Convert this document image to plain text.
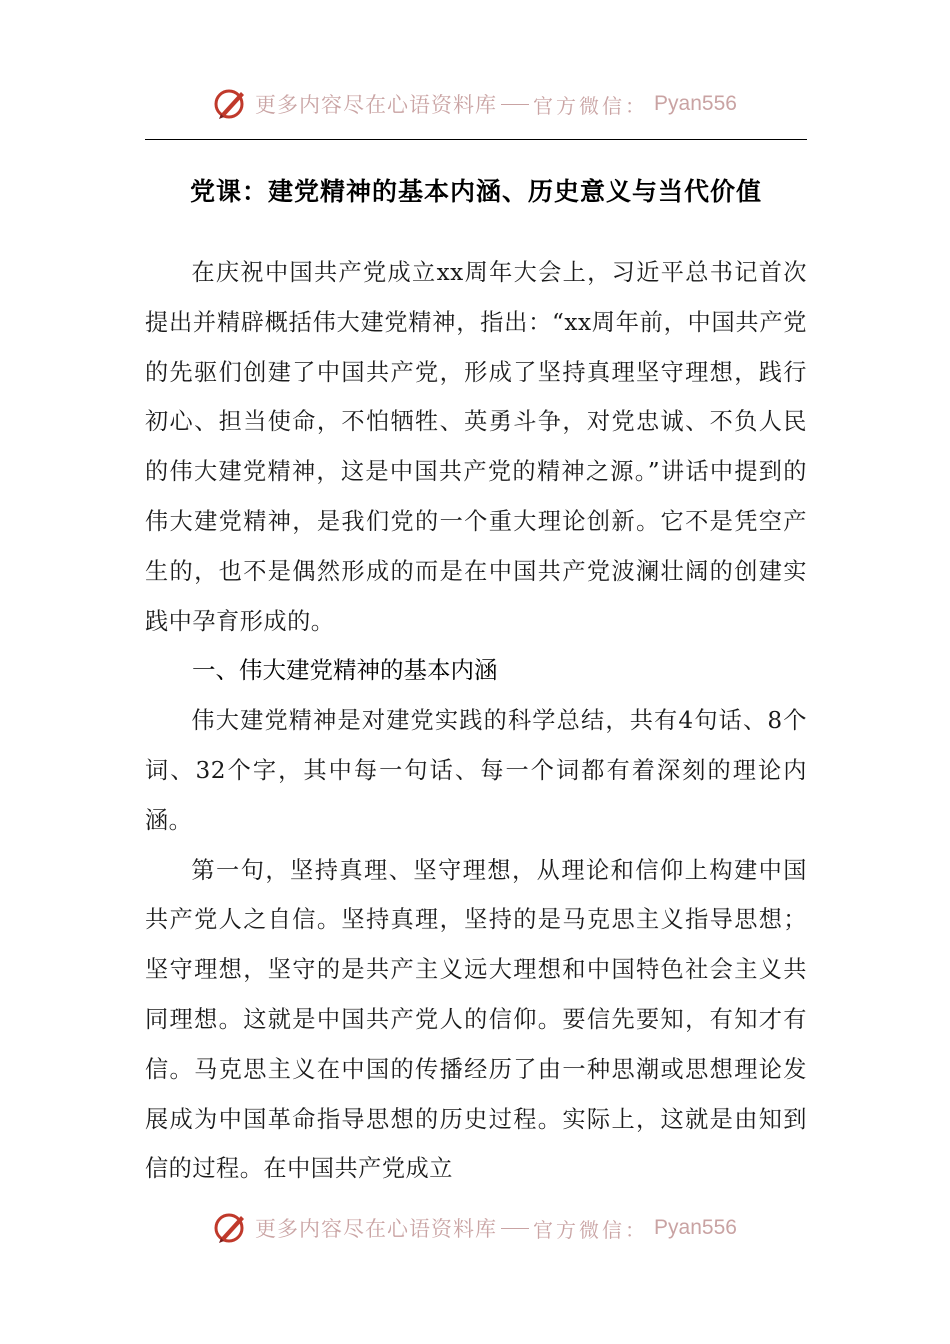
更多内容尽在心语资料库 官方微信： Pyan556
党课：建党精神的基本内涵、历史意义与当代价值

在庆祝中国共产党成立xx周年大会上，习近平总书记首次提出并精辟概括伟大建党精神，指出：“xx周年前，中国共产党的先驱们创建了中国共产党，形成了坚持真理坚守理想，践行初心、担当使命，不怕牺牲、英勇斗争，对党忠诚、不负人民的伟大建党精神，这是中国共产党的精神之源。”讲话中提到的伟大建党精神，是我们党的一个重大理论创新。它不是凭空产生的，也不是偶然形成的而是在中国共产党波澜壮阔的创建实践中孕育形成的。

一、伟大建党精神的基本内涵

伟大建党精神是对建党实践的科学总结，共有4句话、8个词、32个字，其中每一句话、每一个词都有着深刻的理论内涵。

第一句，坚持真理、坚守理想，从理论和信仰上构建中国共产党人之自信。坚持真理，坚持的是马克思主义指导思想；坚守理想，坚守的是共产主义远大理想和中国特色社会主义共同理想。这就是中国共产党人的信仰。要信先要知，有知才有信。马克思主义在中国的传播经历了由一种思潮或思想理论发展成为中国革命指导思想的历史过程。实际上，这就是由知到信的过程。在中国共产党成立

更多内容尽在心语资料库 官方微信： Pyan556
